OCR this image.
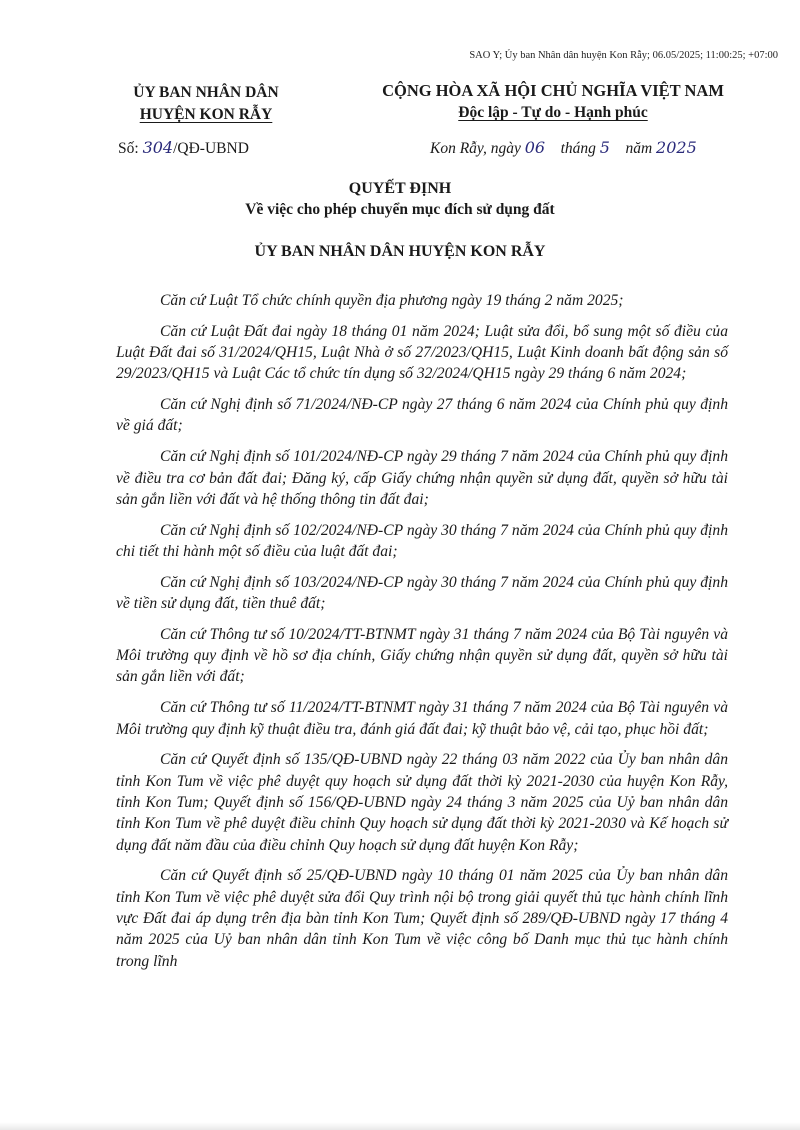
SAO Y; Ủy ban Nhân dân huyện Kon Rẫy; 06.05/2025; 11:00:25; +07:00
ỦY BAN NHÂN DÂN
HUYỆN KON RẪY
CỘNG HÒA XÃ HỘI CHỦ NGHĨA VIỆT NAM
Độc lập - Tự do - Hạnh phúc
Số: 304/QĐ-UBND	Kon Rẫy, ngày 06 tháng 5 năm 2025
QUYẾT ĐỊNH
Về việc cho phép chuyển mục đích sử dụng đất
ỦY BAN NHÂN DÂN HUYỆN KON RẪY

Căn cứ Luật Tổ chức chính quyền địa phương ngày 19 tháng 2 năm 2025;

Căn cứ Luật Đất đai ngày 18 tháng 01 năm 2024; Luật sửa đổi, bổ sung một số điều của Luật Đất đai số 31/2024/QH15, Luật Nhà ở số 27/2023/QH15, Luật Kinh doanh bất động sản số 29/2023/QH15 và Luật Các tổ chức tín dụng số 32/2024/QH15 ngày 29 tháng 6 năm 2024;

Căn cứ Nghị định số 71/2024/NĐ-CP ngày 27 tháng 6 năm 2024 của Chính phủ quy định về giá đất;

Căn cứ Nghị định số 101/2024/NĐ-CP ngày 29 tháng 7 năm 2024 của Chính phủ quy định về điều tra cơ bản đất đai; Đăng ký, cấp Giấy chứng nhận quyền sử dụng đất, quyền sở hữu tài sản gắn liền với đất và hệ thống thông tin đất đai;

Căn cứ Nghị định số 102/2024/NĐ-CP ngày 30 tháng 7 năm 2024 của Chính phủ quy định chi tiết thi hành một số điều của luật đất đai;

Căn cứ Nghị định số 103/2024/NĐ-CP ngày 30 tháng 7 năm 2024 của Chính phủ quy định về tiền sử dụng đất, tiền thuê đất;

Căn cứ Thông tư số 10/2024/TT-BTNMT ngày 31 tháng 7 năm 2024 của Bộ Tài nguyên và Môi trường quy định về hồ sơ địa chính, Giấy chứng nhận quyền sử dụng đất, quyền sở hữu tài sản gắn liền với đất;

Căn cứ Thông tư số 11/2024/TT-BTNMT ngày 31 tháng 7 năm 2024 của Bộ Tài nguyên và Môi trường quy định kỹ thuật điều tra, đánh giá đất đai; kỹ thuật bảo vệ, cải tạo, phục hồi đất;

Căn cứ Quyết định số 135/QĐ-UBND ngày 22 tháng 03 năm 2022 của Ủy ban nhân dân tỉnh Kon Tum về việc phê duyệt quy hoạch sử dụng đất thời kỳ 2021-2030 của huyện Kon Rẫy, tỉnh Kon Tum; Quyết định số 156/QĐ-UBND ngày 24 tháng 3 năm 2025 của Uỷ ban nhân dân tỉnh Kon Tum về phê duyệt điều chỉnh Quy hoạch sử dụng đất thời kỳ 2021-2030 và Kế hoạch sử dụng đất năm đầu của điều chỉnh Quy hoạch sử dụng đất huyện Kon Rẫy;

Căn cứ Quyết định số 25/QĐ-UBND ngày 10 tháng 01 năm 2025 của Ủy ban nhân dân tỉnh Kon Tum về việc phê duyệt sửa đổi Quy trình nội bộ trong giải quyết thủ tục hành chính lĩnh vực Đất đai áp dụng trên địa bàn tỉnh Kon Tum; Quyết định số 289/QĐ-UBND ngày 17 tháng 4 năm 2025 của Uỷ ban nhân dân tỉnh Kon Tum về việc công bố Danh mục thủ tục hành chính trong lĩnh
